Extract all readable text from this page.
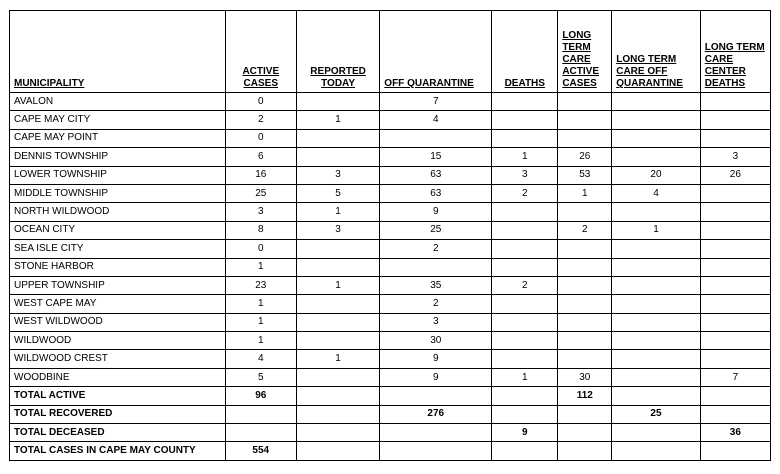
MUNICIPALITY	ACTIVE CASES	REPORTED TODAY	OFF QUARANTINE	DEATHS	LONG TERM CARE ACTIVE CASES	LONG TERM CARE OFF QUARANTINE	LONG TERM CARE CENTER DEATHS
AVALON	0		7				
CAPE MAY CITY	2	1	4				
CAPE MAY POINT	0						
DENNIS TOWNSHIP	6		15	1	26		3
LOWER TOWNSHIP	16	3	63	3	53	20	26
MIDDLE TOWNSHIP	25	5	63	2	1	4	
NORTH WILDWOOD	3	1	9				
OCEAN CITY	8	3	25		2	1	
SEA ISLE CITY	0		2				
STONE HARBOR	1						
UPPER TOWNSHIP	23	1	35	2			
WEST CAPE MAY	1		2				
WEST WILDWOOD	1		3				
WILDWOOD	1		30				
WILDWOOD CREST	4	1	9				
WOODBINE	5		9	1	30		7
TOTAL ACTIVE	96				112		
TOTAL RECOVERED			276			25	
TOTAL DECEASED				9			36
TOTAL CASES IN CAPE MAY COUNTY	554						
